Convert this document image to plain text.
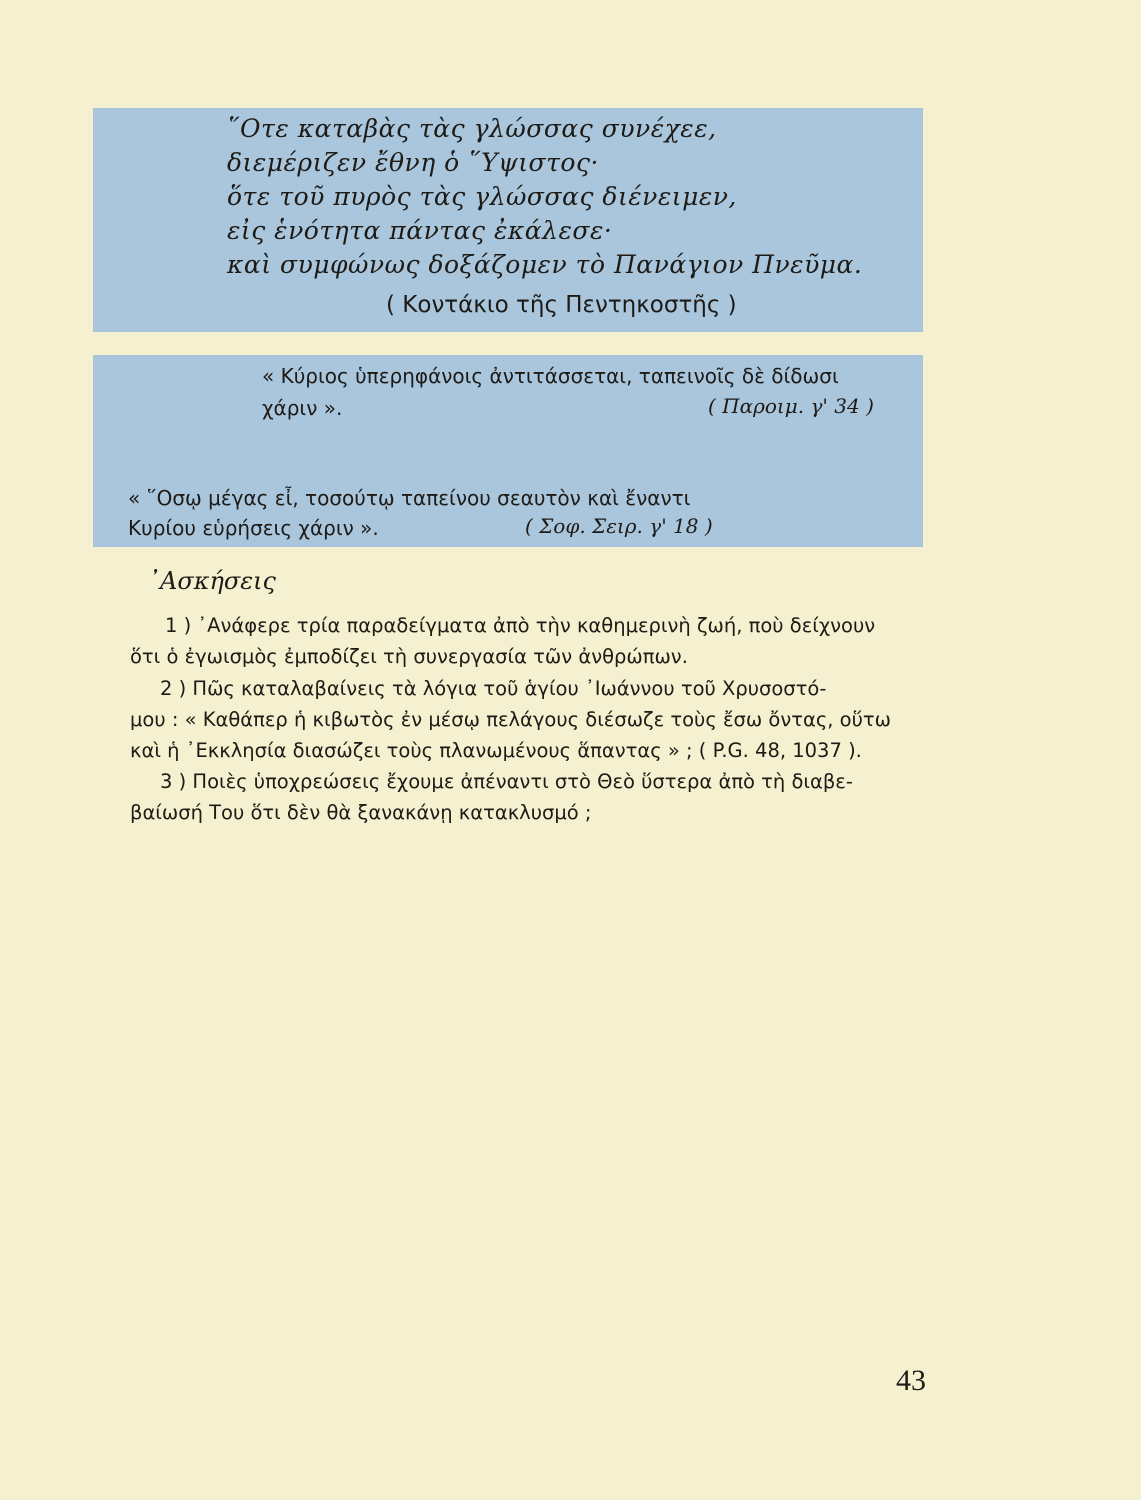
῞Οτε καταβὰς τὰς γλώσσας συνέχεε,
διεμέριζεν ἔθνη ὁ ῞Υψιστος·
ὅτε τοῦ πυρὸς τὰς γλώσσας διένειμεν,
εἰς ἑνότητα πάντας ἐκάλεσε·
καὶ συμφώνως δοξάζομεν τὸ Πανάγιον Πνεῦμα.
( Κοντάκιο τῆς Πεντηκοστῆς )
« Κύριος ὑπερηφάνοις ἀντιτάσσεται, ταπεινοῖς δὲ δίδωσι
χάριν ».	( Παροιμ. γ' 34 )
« ῞Οσῳ μέγας εἶ, τοσούτῳ ταπείνου σεαυτὸν καὶ ἔναντι
Κυρίου εὑρήσεις χάριν ».	( Σοφ. Σειρ. γ' 18 )
᾿Ασκήσεις
1 ) ᾿Ανάφερε τρία παραδείγματα ἀπὸ τὴν καθημερινὴ ζωή, ποὺ δείχνουν
ὅτι ὁ ἐγωισμὸς ἐμποδίζει τὴ συνεργασία τῶν ἀνθρώπων.
2 ) Πῶς καταλαβαίνεις τὰ λόγια τοῦ ἁγίου ᾿Ιωάννου τοῦ Χρυσοστό-
μου : « Καθάπερ ἡ κιβωτὸς ἐν μέσῳ πελάγους διέσωζε τοὺς ἔσω ὄντας, οὕτω
καὶ ἡ ᾿Εκκλησία διασώζει τοὺς πλανωμένους ἅπαντας » ; ( P.G. 48, 1037 ).
3 ) Ποιὲς ὑποχρεώσεις ἔχουμε ἀπέναντι στὸ Θεὸ ὕστερα ἀπὸ τὴ διαβε-
βαίωσή Του ὅτι δὲν θὰ ξανακάνῃ κατακλυσμό ;
43
